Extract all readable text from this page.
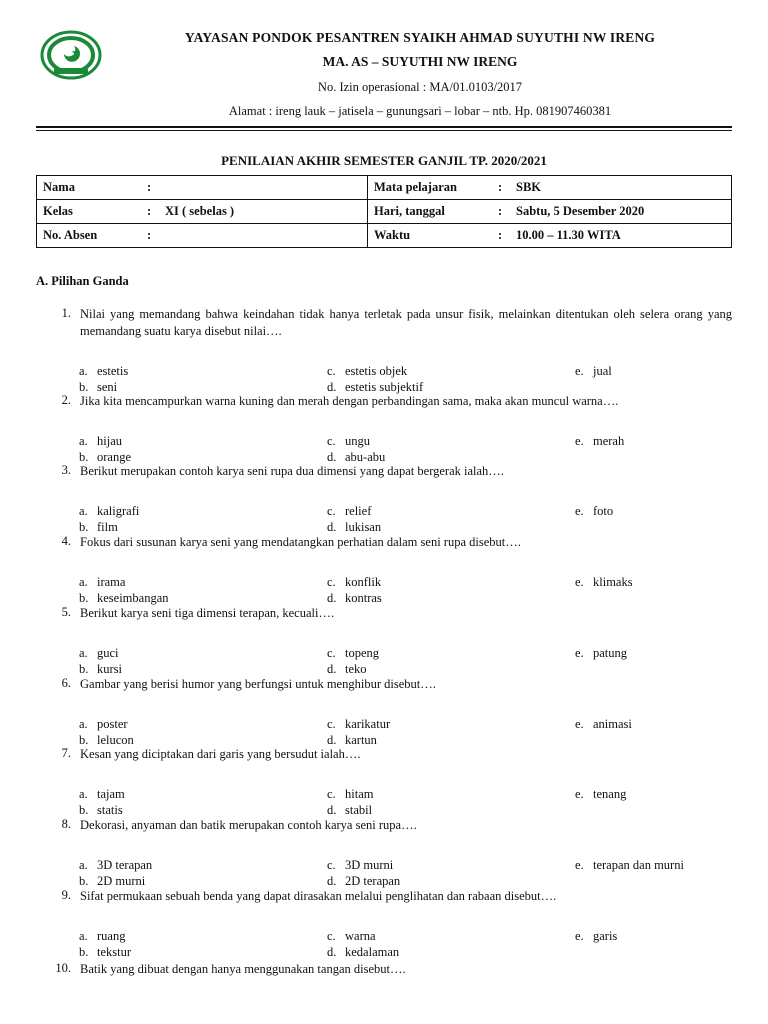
YAYASAN PONDOK PESANTREN SYAIKH AHMAD SUYUTHI NW IRENG
MA. AS – SUYUTHI NW IRENG
No. Izin operasional : MA/01.0103/2017
Alamat : ireng lauk – jatisela – gunungsari – lobar – ntb. Hp. 081907460381
PENILAIAN AKHIR SEMESTER GANJIL TP. 2020/2021
Nama :	Mata pelajaran : SBK

Kelas : XI ( sebelas )	Hari, tanggal : Sabtu, 5 Desember 2020

No. Absen :	Waktu : 10.00 – 11.30 WITA
A. Pilihan Ganda
1. Nilai yang memandang bahwa keindahan tidak hanya terletak pada unsur fisik, melainkan ditentukan oleh selera orang yang memandang suatu karya disebut nilai….
2. Jika kita mencampurkan warna kuning dan merah dengan perbandingan sama, maka akan muncul warna….
3. Berikut merupakan contoh karya seni rupa dua dimensi yang dapat bergerak ialah….
4. Fokus dari susunan karya seni yang mendatangkan perhatian dalam seni rupa disebut….
5. Berikut karya seni tiga dimensi terapan, kecuali….
6. Gambar yang berisi humor yang berfungsi untuk menghibur disebut….
7. Kesan yang diciptakan dari garis yang bersudut ialah….
8. Dekorasi, anyaman dan batik merupakan contoh karya seni rupa….
9. Sifat permukaan sebuah benda yang dapat dirasakan melalui penglihatan dan rabaan disebut….
10. Batik yang dibuat dengan hanya menggunakan tangan disebut….
a. estetis
b. seni
c. estetis objek
d. estetis subjektif
e. jual
a. hijau
b. orange
c. ungu
d. abu-abu
e. merah
a. kaligrafi
b. film
c. relief
d. lukisan
e. foto
a. irama
b. keseimbangan
c. konflik
d. kontras
e. klimaks
a. guci
b. kursi
c. topeng
d. teko
e. patung
a. poster
b. lelucon
c. karikatur
d. kartun
e. animasi
a. tajam
b. statis
c. hitam
d. stabil
e. tenang
a. 3D terapan
b. 2D murni
c. 3D murni
d. 2D terapan
e. terapan dan murni
a. ruang
b. tekstur
c. warna
d. kedalaman
e. garis
